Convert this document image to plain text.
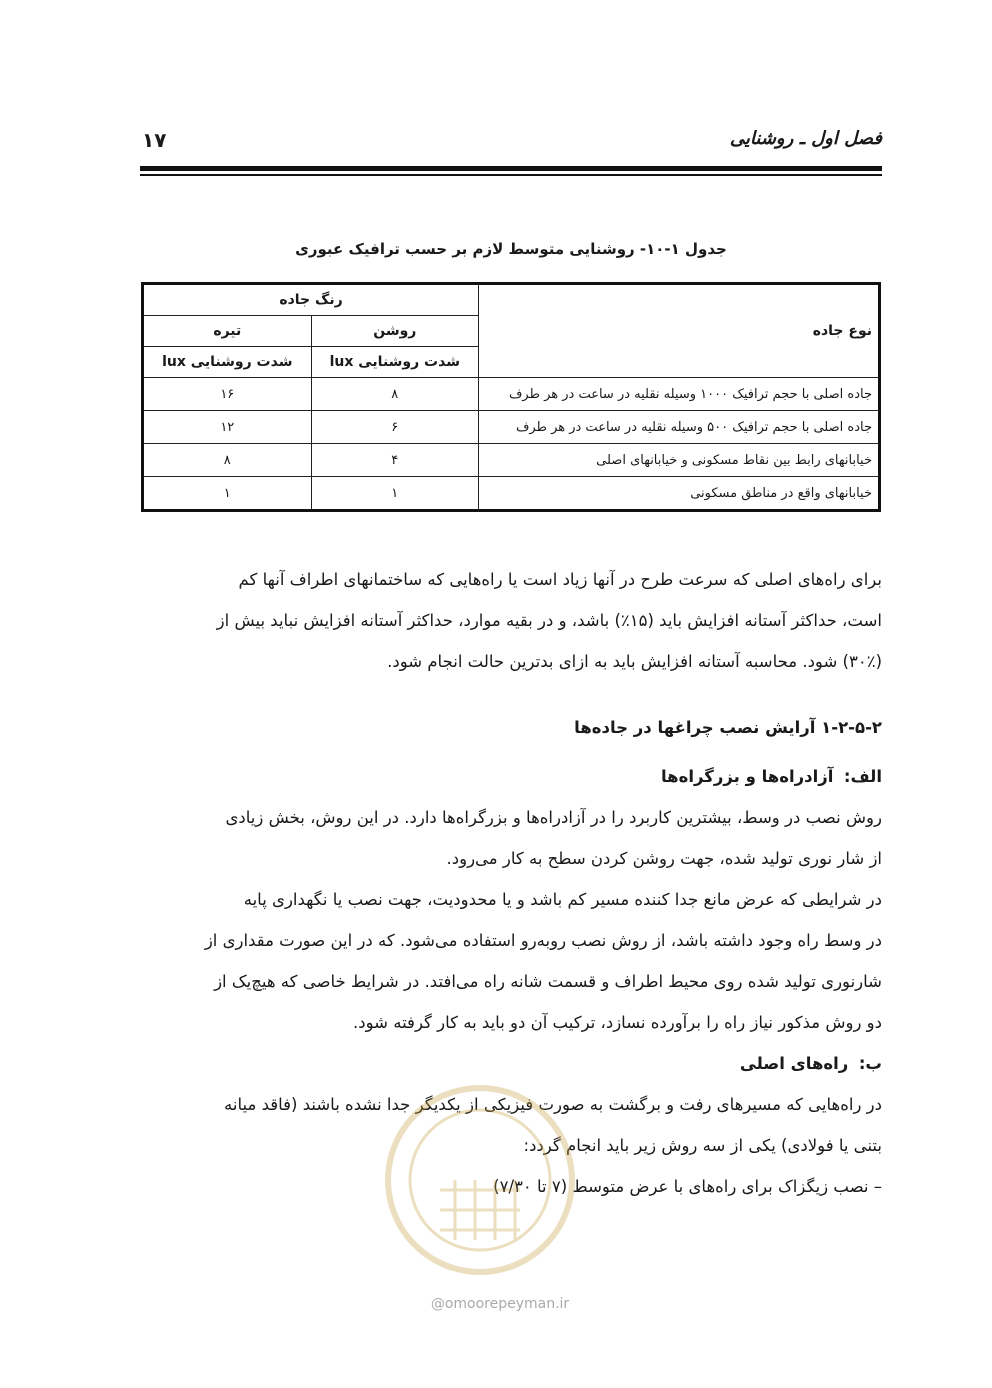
فصل اول ـ روشنایی
۱۷
جدول ۱-۱۰- روشنایی متوسط لازم بر حسب ترافیک عبوری
نوع جاده	رنگ جاده	
	روشن	تیره
	شدت روشنایی lux	شدت روشنایی lux
جاده اصلی با حجم ترافیک ۱۰۰۰ وسیله نقلیه در ساعت در هر طرف	۸	۱۶
جاده اصلی با حجم ترافیک ۵۰۰ وسیله نقلیه در ساعت در هر طرف	۶	۱۲
خیابانهای رابط بین نقاط مسکونی و خیابانهای اصلی	۴	۸
خیابانهای واقع در مناطق مسکونی	۱	۱
برای راه‌های اصلی که سرعت طرح در آنها زیاد است یا راه‌هایی که ساختمانهای اطراف آنها کم
است، حداکثر آستانه افزایش باید (۱۵٪) باشد، و در بقیه موارد، حداکثر آستانه افزایش نباید بیش از
(۳۰٪) شود. محاسبه آستانه افزایش باید به ازای بدترین حالت انجام شود.
۱-۲-۵-۲ آرایش نصب چراغها در جاده‌ها
الف:  آزادراه‌ها و بزرگراه‌ها
روش نصب در وسط، بیشترین کاربرد را در آزادراه‌ها و بزرگراه‌ها دارد. در این روش، بخش زیادی
از شار نوری تولید شده، جهت روشن کردن سطح به کار می‌رود.
در شرایطی که عرض مانع جدا کننده مسیر کم باشد و یا محدودیت، جهت نصب یا نگهداری پایه
در وسط راه وجود داشته باشد، از روش نصب روبه‌رو استفاده می‌شود. که در این صورت مقداری از
شارنوری تولید شده روی محیط اطراف و قسمت شانه راه می‌افتد. در شرایط خاصی که هیچ‌یک از
دو روش مذکور نیاز راه را برآورده نسازد، ترکیب آن دو باید به کار گرفته شود.
ب:  راه‌های اصلی
در راه‌هایی که مسیرهای رفت و برگشت به صورت فیزیکی از یکدیگر جدا نشده باشند (فاقد میانه
بتنی یا فولادی) یکی از سه روش زیر باید انجام گردد:
– نصب زیگزاک برای راه‌های با عرض متوسط (۷ تا ۷/۳۰)
@omoorepeyman.ir
